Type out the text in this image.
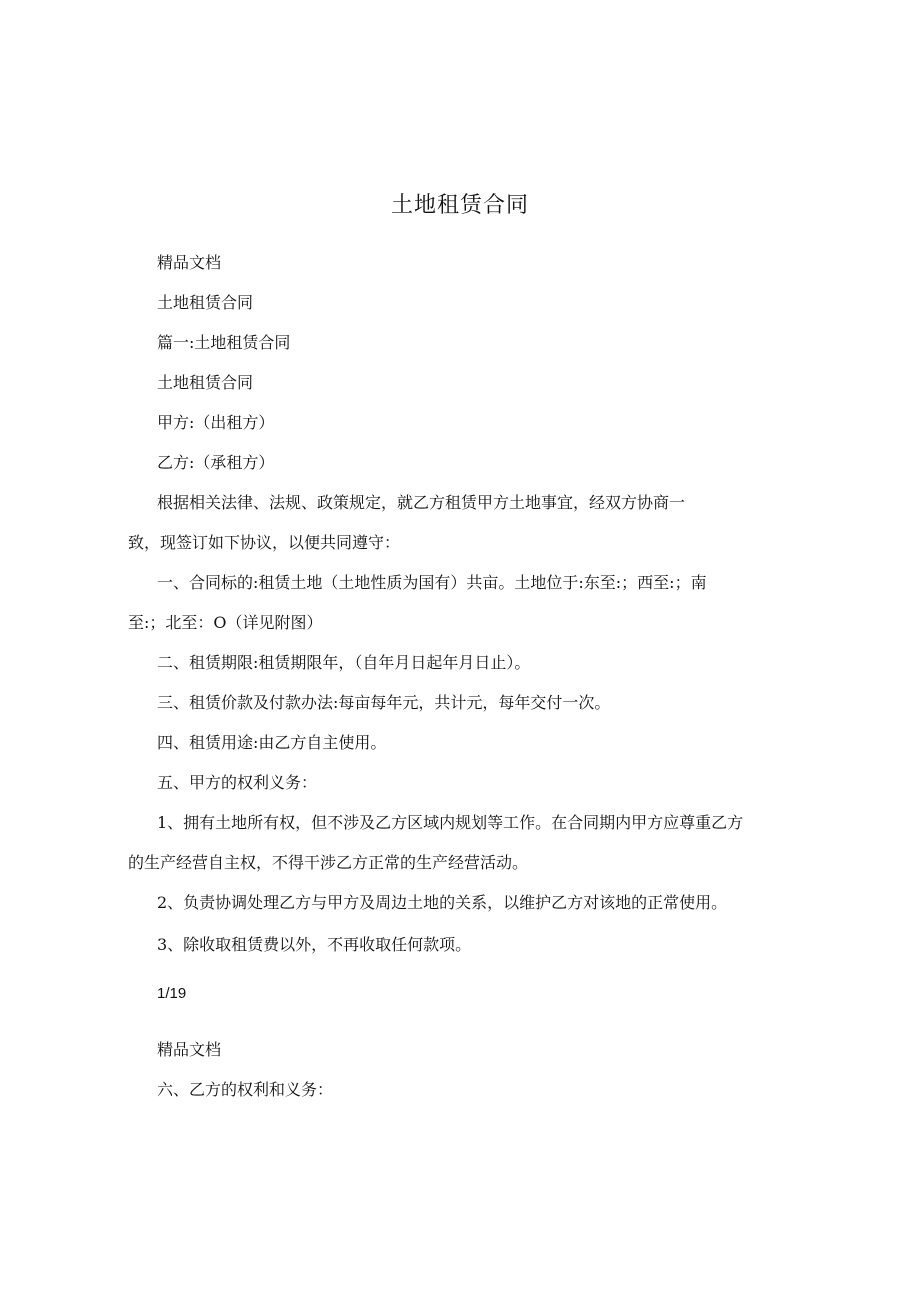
土地租赁合同
精品文档
土地租赁合同
篇一:土地租赁合同
土地租赁合同
甲方:（出租方）
乙方:（承租方）
根据相关法律、法规、政策规定，就乙方租赁甲方土地事宜，经双方协商一
致，现签订如下协议，以便共同遵守：
一、合同标的:租赁土地（土地性质为国有）共亩。土地位于:东至:；西至:；南
至:；北至：O（详见附图）
二、租赁期限:租赁期限年，（自年月日起年月日止）。
三、租赁价款及付款办法:每亩每年元，共计元，每年交付一次。
四、租赁用途:由乙方自主使用。
五、甲方的权利义务：
1、拥有土地所有权，但不涉及乙方区域内规划等工作。在合同期内甲方应尊重乙方
的生产经营自主权，不得干涉乙方正常的生产经营活动。
2、负责协调处理乙方与甲方及周边土地的关系，以维护乙方对该地的正常使用。
3、除收取租赁费以外，不再收取任何款项。
1/19
精品文档
六、乙方的权利和义务：
